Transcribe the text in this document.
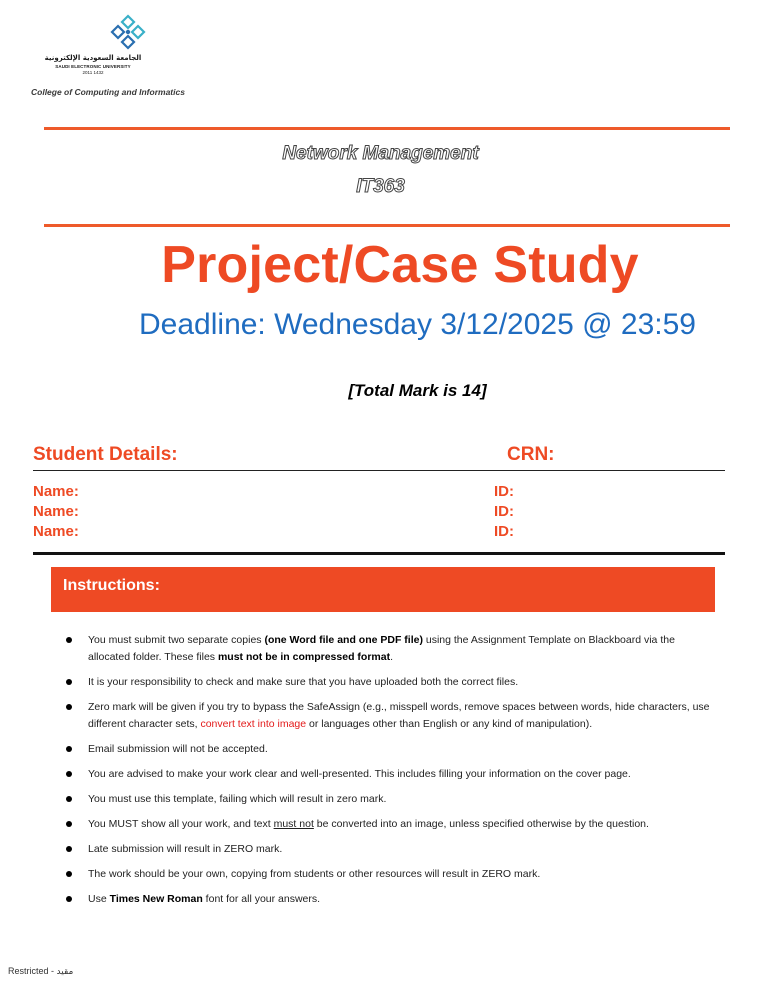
الجامعة السعودية الإلكترونية
SAUDI ELECTRONIC UNIVERSITY
2011 1432
College of Computing and Informatics
Network Management
IT363
Project/Case Study
Deadline: Wednesday 3/12/2025 @ 23:59
[Total Mark is 14]
Student Details:	CRN:
Name:	ID:
Name:	ID:
Name:	ID:
Instructions:
You must submit two separate copies (one Word file and one PDF file) using the Assignment Template on Blackboard via the allocated folder. These files must not be in compressed format.
It is your responsibility to check and make sure that you have uploaded both the correct files.
Zero mark will be given if you try to bypass the SafeAssign (e.g., misspell words, remove spaces between words, hide characters, use different character sets, convert text into image or languages other than English or any kind of manipulation).
Email submission will not be accepted.
You are advised to make your work clear and well-presented. This includes filling your information on the cover page.
You must use this template, failing which will result in zero mark.
You MUST show all your work, and text must not be converted into an image, unless specified otherwise by the question.
Late submission will result in ZERO mark.
The work should be your own, copying from students or other resources will result in ZERO mark.
Use Times New Roman font for all your answers.
Restricted - مقيد
